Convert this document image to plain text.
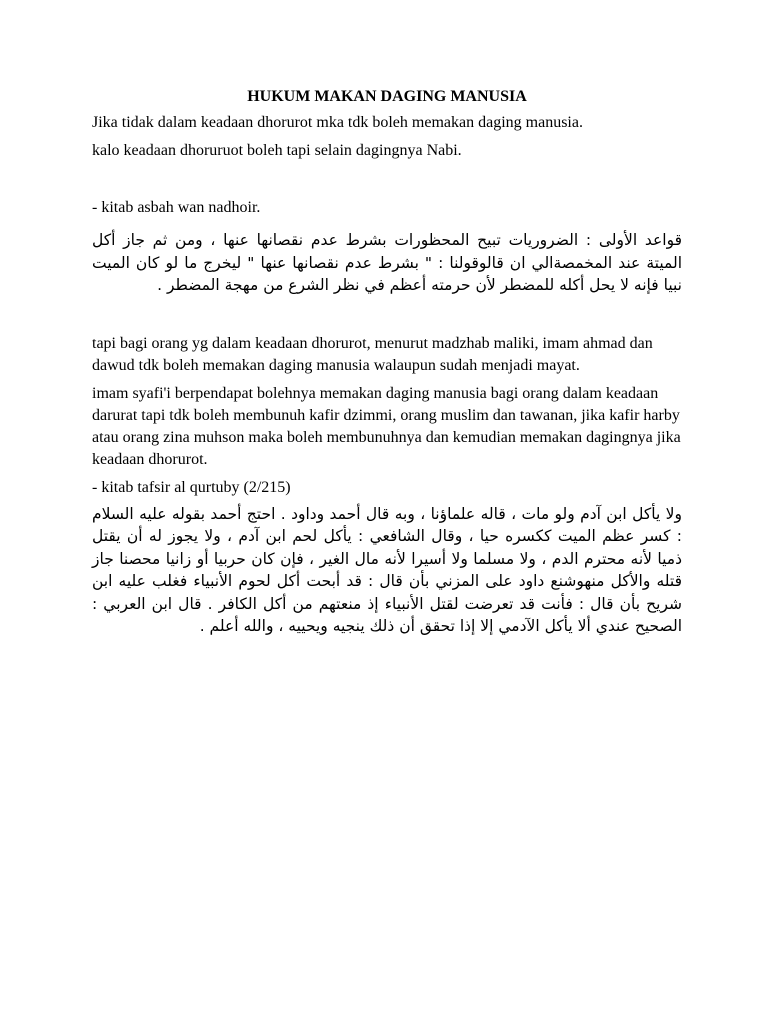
HUKUM MAKAN DAGING MANUSIA

Jika tidak dalam keadaan dhorurot mka tdk boleh memakan daging manusia.

kalo keadaan dhoruruot boleh tapi selain dagingnya Nabi.

- kitab asbah wan nadhoir.

قواعد الأولى : الضروريات تبيح المحظورات بشرط عدم نقصانها عنها ، ومن ثم جاز أكل الميتة عند المخمصةالي ان قالوقولنا : " بشرط عدم نقصانها عنها " ليخرج ما لو كان الميت نبيا فإنه لا يحل أكله للمضطر لأن حرمته أعظم في نظر الشرع من مهجة المضطر .

tapi bagi orang yg dalam keadaan dhorurot, menurut madzhab maliki, imam ahmad dan dawud tdk boleh memakan daging manusia walaupun sudah menjadi mayat.

imam syafi'i berpendapat bolehnya memakan daging manusia bagi orang dalam keadaan darurat tapi tdk boleh membunuh kafir dzimmi, orang muslim dan tawanan, jika kafir harby atau orang zina muhson maka boleh membunuhnya dan kemudian memakan dagingnya jika keadaan dhorurot.

- kitab tafsir al qurtuby (2/215)

ولا يأكل ابن آدم ولو مات ، قاله علماؤنا ، وبه قال أحمد وداود . احتج أحمد بقوله عليه السلام : كسر عظم الميت ككسره حيا ، وقال الشافعي : يأكل لحم ابن آدم ، ولا يجوز له أن يقتل ذميا لأنه محترم الدم ، ولا مسلما ولا أسيرا لأنه مال الغير ، فإن كان حربيا أو زانيا محصنا جاز قتله والأكل منهوشنع داود على المزني بأن قال : قد أبحت أكل لحوم الأنبياء فغلب عليه ابن شريح بأن قال : فأنت قد تعرضت لقتل الأنبياء إذ منعتهم من أكل الكافر . قال ابن العربي : الصحيح عندي ألا يأكل الآدمي إلا إذا تحقق أن ذلك ينجيه ويحييه ، والله أعلم .
